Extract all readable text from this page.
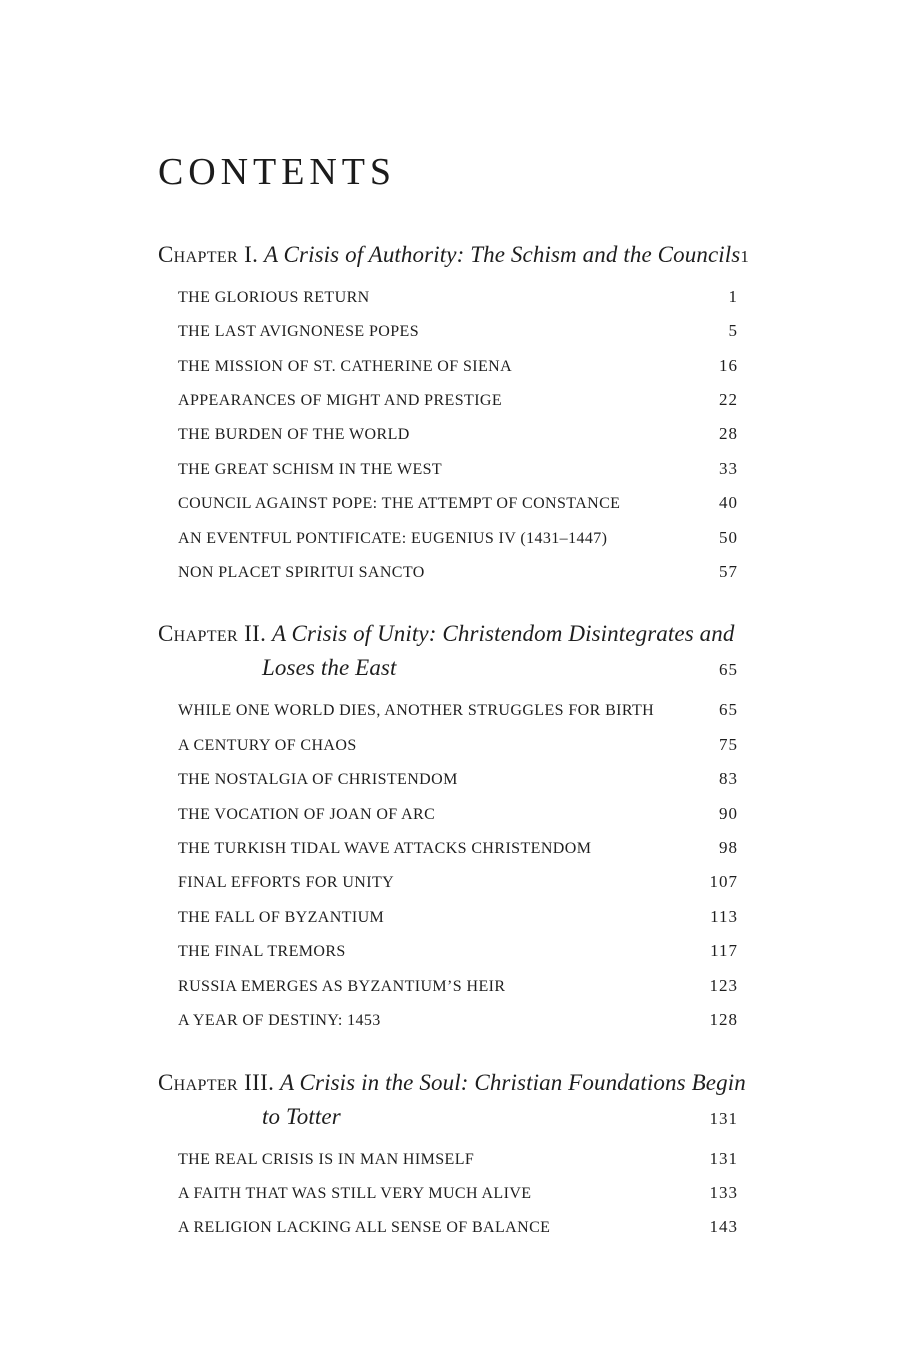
CONTENTS
Chapter I.  A Crisis of Authority: The Schism and the Councils 1
THE GLORIOUS RETURN	1
THE LAST AVIGNONESE POPES	5
THE MISSION OF ST. CATHERINE OF SIENA	16
APPEARANCES OF MIGHT AND PRESTIGE	22
THE BURDEN OF THE WORLD	28
THE GREAT SCHISM IN THE WEST	33
COUNCIL AGAINST POPE: THE ATTEMPT OF CONSTANCE	40
AN EVENTFUL PONTIFICATE: EUGENIUS IV (1431–1447)	50
NON PLACET SPIRITUI SANCTO	57
Chapter II.  A Crisis of Unity: Christendom Disintegrates and
Loses the East	65
WHILE ONE WORLD DIES, ANOTHER STRUGGLES FOR BIRTH	65
A CENTURY OF CHAOS	75
THE NOSTALGIA OF CHRISTENDOM	83
THE VOCATION OF JOAN OF ARC	90
THE TURKISH TIDAL WAVE ATTACKS CHRISTENDOM	98
FINAL EFFORTS FOR UNITY	107
THE FALL OF BYZANTIUM	113
THE FINAL TREMORS	117
RUSSIA EMERGES AS BYZANTIUM’S HEIR	123
A YEAR OF DESTINY: 1453	128
Chapter III.  A Crisis in the Soul: Christian Foundations Begin
to Totter	131
THE REAL CRISIS IS IN MAN HIMSELF	131
A FAITH THAT WAS STILL VERY MUCH ALIVE	133
A RELIGION LACKING ALL SENSE OF BALANCE	143
